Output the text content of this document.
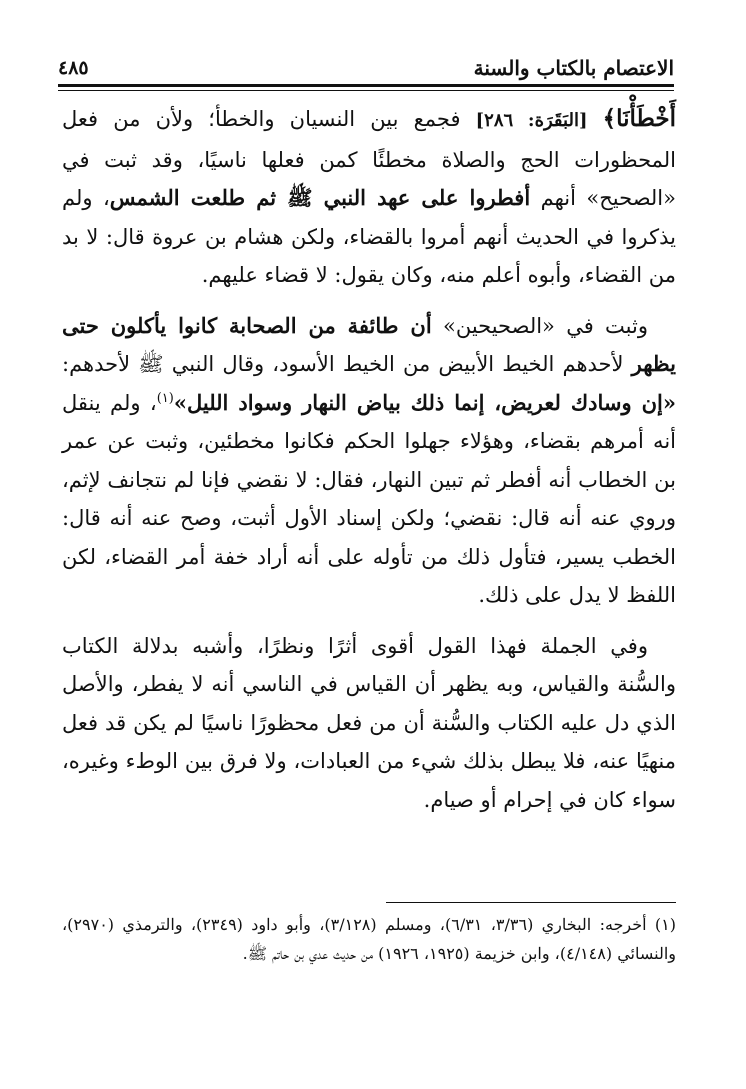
الاعتصام بالكتاب والسنة
٤٨٥

أَخْطَأْنَا﴾ [البَقَرَة: ٢٨٦] فجمع بين النسيان والخطأ؛ ولأن من فعل المحظورات الحج والصلاة مخطئًا كمن فعلها ناسيًا، وقد ثبت في «الصحيح» أنهم أفطروا على عهد النبي ﷺ ثم طلعت الشمس، ولم يذكروا في الحديث أنهم أمروا بالقضاء، ولكن هشام بن عروة قال: لا بد من القضاء، وأبوه أعلم منه، وكان يقول: لا قضاء عليهم.

وثبت في «الصحيحين» أن طائفة من الصحابة كانوا يأكلون حتى يظهر لأحدهم الخيط الأبيض من الخيط الأسود، وقال النبي ﷺ لأحدهم: «إن وسادك لعريض، إنما ذلك بياض النهار وسواد الليل»$^{(١)}$، ولم ينقل أنه أمرهم بقضاء، وهؤلاء جهلوا الحكم فكانوا مخطئين، وثبت عن عمر بن الخطاب أنه أفطر ثم تبين النهار، فقال: لا نقضي فإنا لم نتجانف لإثم، وروي عنه أنه قال: نقضي؛ ولكن إسناد الأول أثبت، وصح عنه أنه قال: الخطب يسير، فتأول ذلك من تأوله على أنه أراد خفة أمر القضاء، لكن اللفظ لا يدل على ذلك.

وفي الجملة فهذا القول أقوى أثرًا ونظرًا، وأشبه بدلالة الكتاب والسُّنة والقياس، وبه يظهر أن القياس في الناسي أنه لا يفطر، والأصل الذي دل عليه الكتاب والسُّنة أن من فعل محظورًا ناسيًا لم يكن قد فعل منهيًا عنه، فلا يبطل بذلك شيء من العبادات، ولا فرق بين الوطء وغيره، سواء كان في إحرام أو صيام.

(١) أخرجه: البخاري (٣/٣٦، ٦/٣١)، ومسلم (٣/١٢٨)، وأبو داود (٢٣٤٩)، والترمذي (٢٩٧٠)، والنسائي (٤/١٤٨)، وابن خزيمة (١٩٢٥، ١٩٢٦) من حديث عدي بن حاتم ﷺ.
